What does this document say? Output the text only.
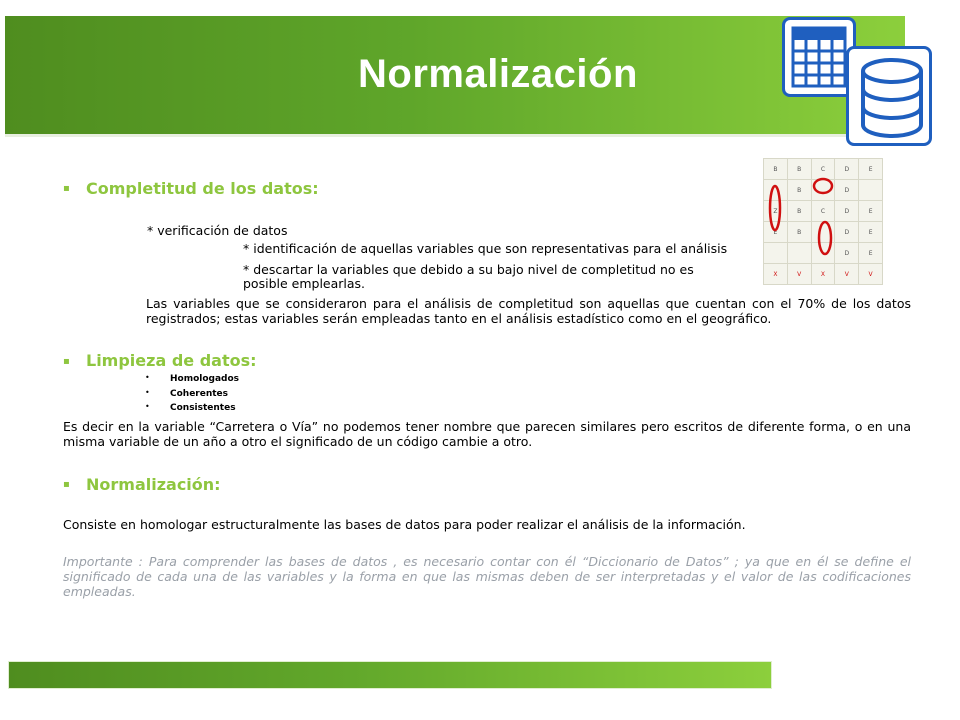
Normalización
B	B	C	D	E
	B		D	
Z	B	C	D	E
E	B		D	E
			D	E
X	V	X	V	V
▪ Completitud de los datos:
* verificación de datos
* identificación de aquellas variables que son representativas para el análisis
* descartar la variables que debido a su bajo nivel de completitud no es
posible emplearlas.
Las variables que se consideraron para el análisis de completitud son aquellas que cuentan con el 70% de los datos registrados; estas variables serán empleadas tanto en el análisis estadístico como en el geográfico.
▪ Limpieza de datos:
• Homologados
• Coherentes
• Consistentes
Es decir en la variable “Carretera o Vía” no podemos tener nombre que parecen similares pero escritos de diferente forma, o en una misma variable de un año a otro el significado de un código cambie a otro.
▪ Normalización:
Consiste en homologar estructuralmente las bases de datos para poder realizar el análisis de la información.
Importante : Para comprender las bases de datos , es necesario contar con él “Diccionario de Datos” ; ya que en él se define el significado de cada una de las variables y la forma en que las mismas deben de ser interpretadas y el valor de las codificaciones empleadas.
